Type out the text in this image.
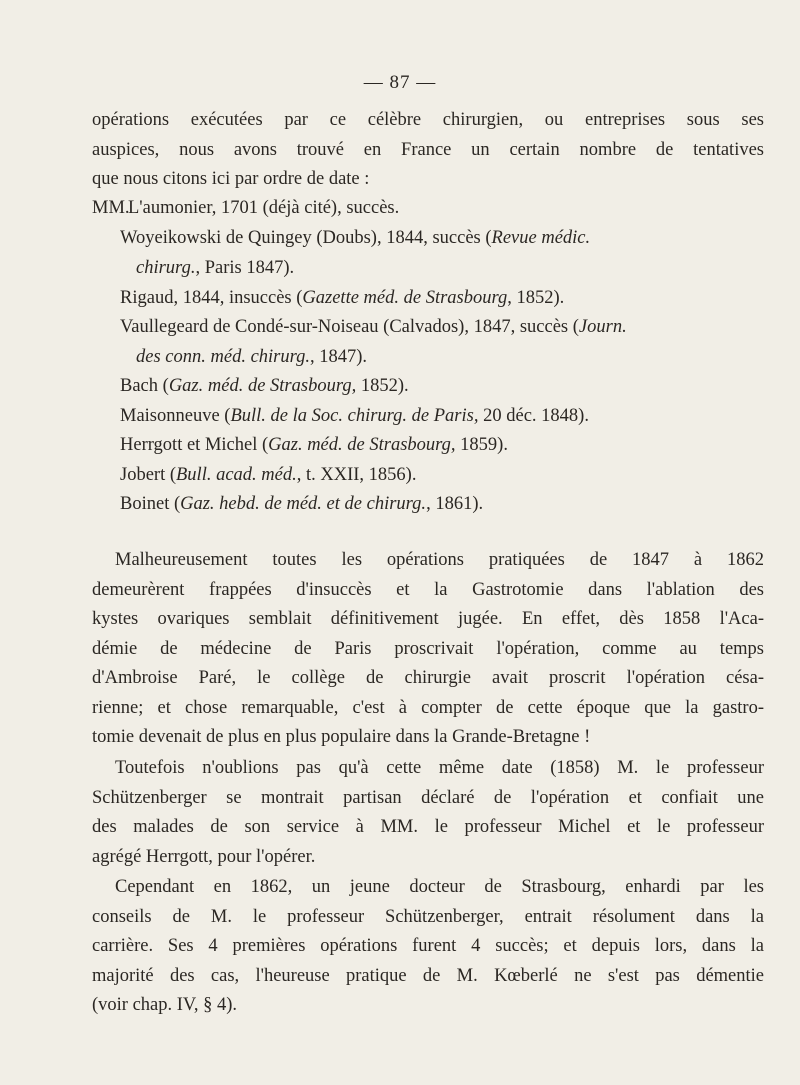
— 87 —
opérations exécutées par ce célèbre chirurgien, ou entreprises sous ses
auspices, nous avons trouvé en France un certain nombre de tentatives
que nous citons ici par ordre de date :
MM.L'aumonier, 1701 (déjà cité), succès.
Woyeikowski de Quingey (Doubs), 1844, succès (Revue médic.
chirurg., Paris 1847).
Rigaud, 1844, insuccès (Gazette méd. de Strasbourg, 1852).
Vaullegeard de Condé-sur-Noiseau (Calvados), 1847, succès (Journ.
des conn. méd. chirurg., 1847).
Bach (Gaz. méd. de Strasbourg, 1852).
Maisonneuve (Bull. de la Soc. chirurg. de Paris, 20 déc. 1848).
Herrgott et Michel (Gaz. méd. de Strasbourg, 1859).
Jobert (Bull. acad. méd., t. XXII, 1856).
Boinet (Gaz. hebd. de méd. et de chirurg., 1861).
Malheureusement toutes les opérations pratiquées de 1847 à 1862
demeurèrent frappées d'insuccès et la Gastrotomie dans l'ablation des
kystes ovariques semblait définitivement jugée. En effet, dès 1858 l'Aca-
démie de médecine de Paris proscrivait l'opération, comme au temps
d'Ambroise Paré, le collège de chirurgie avait proscrit l'opération césa-
rienne; et chose remarquable, c'est à compter de cette époque que la gastro-
tomie devenait de plus en plus populaire dans la Grande-Bretagne !
Toutefois n'oublions pas qu'à cette même date (1858) M. le professeur
Schützenberger se montrait partisan déclaré de l'opération et confiait une
des malades de son service à MM. le professeur Michel et le professeur
agrégé Herrgott, pour l'opérer.
Cependant en 1862, un jeune docteur de Strasbourg, enhardi par les
conseils de M. le professeur Schützenberger, entrait résolument dans la
carrière. Ses 4 premières opérations furent 4 succès; et depuis lors, dans la
majorité des cas, l'heureuse pratique de M. Kœberlé ne s'est pas démentie
(voir chap. IV, § 4).
